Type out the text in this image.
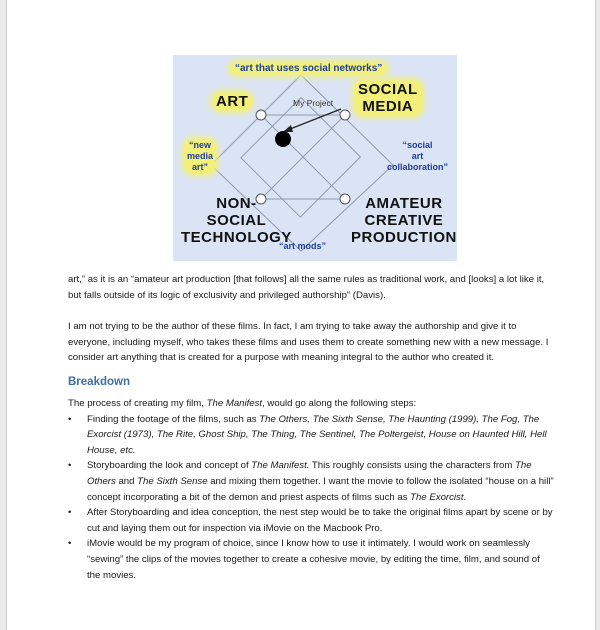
“art that uses social networks”
ART
SOCIAL
MEDIA
My Project
“new
media
art”
“social
art
collaboration”
NON-
SOCIAL
TECHNOLOGY
AMATEUR
CREATIVE
PRODUCTION
“art mods”
art,” as it is an “amateur art production [that follows] all the same rules as traditional work, and [looks] a lot like it,
but falls outside of its logic of exclusivity and privileged authorship” (Davis).
I am not trying to be the author of these films. In fact, I am trying to take away the authorship and give it to
everyone, including myself, who takes these films and uses them to create something new with a new message. I
consider art anything that is created for a purpose with meaning integral to the author who created it.
Breakdown
The process of creating my film, The Manifest, would go along the following steps:
• Finding the footage of the films, such as The Others, The Sixth Sense, The Haunting (1999), The Fog, The
Exorcist (1973), The Rite, Ghost Ship, The Thing, The Sentinel, The Poltergeist, House on Haunted Hill, Hell
House, etc.
• Storyboarding the look and concept of The Manifest. This roughly consists using the characters from The
Others and The Sixth Sense and mixing them together. I want the movie to follow the isolated “house on a hill”
concept incorporating a bit of the demon and priest aspects of films such as The Exorcist.
• After Storyboarding and idea conception, the nest step would be to take the original films apart by scene or by
cut and laying them out for inspection via iMovie on the Macbook Pro.
• iMovie would be my program of choice, since I know how to use it intimately. I would work on seamlessly
“sewing” the clips of the movies together to create a cohesive movie, by editing the time, film, and sound of
the movies.
